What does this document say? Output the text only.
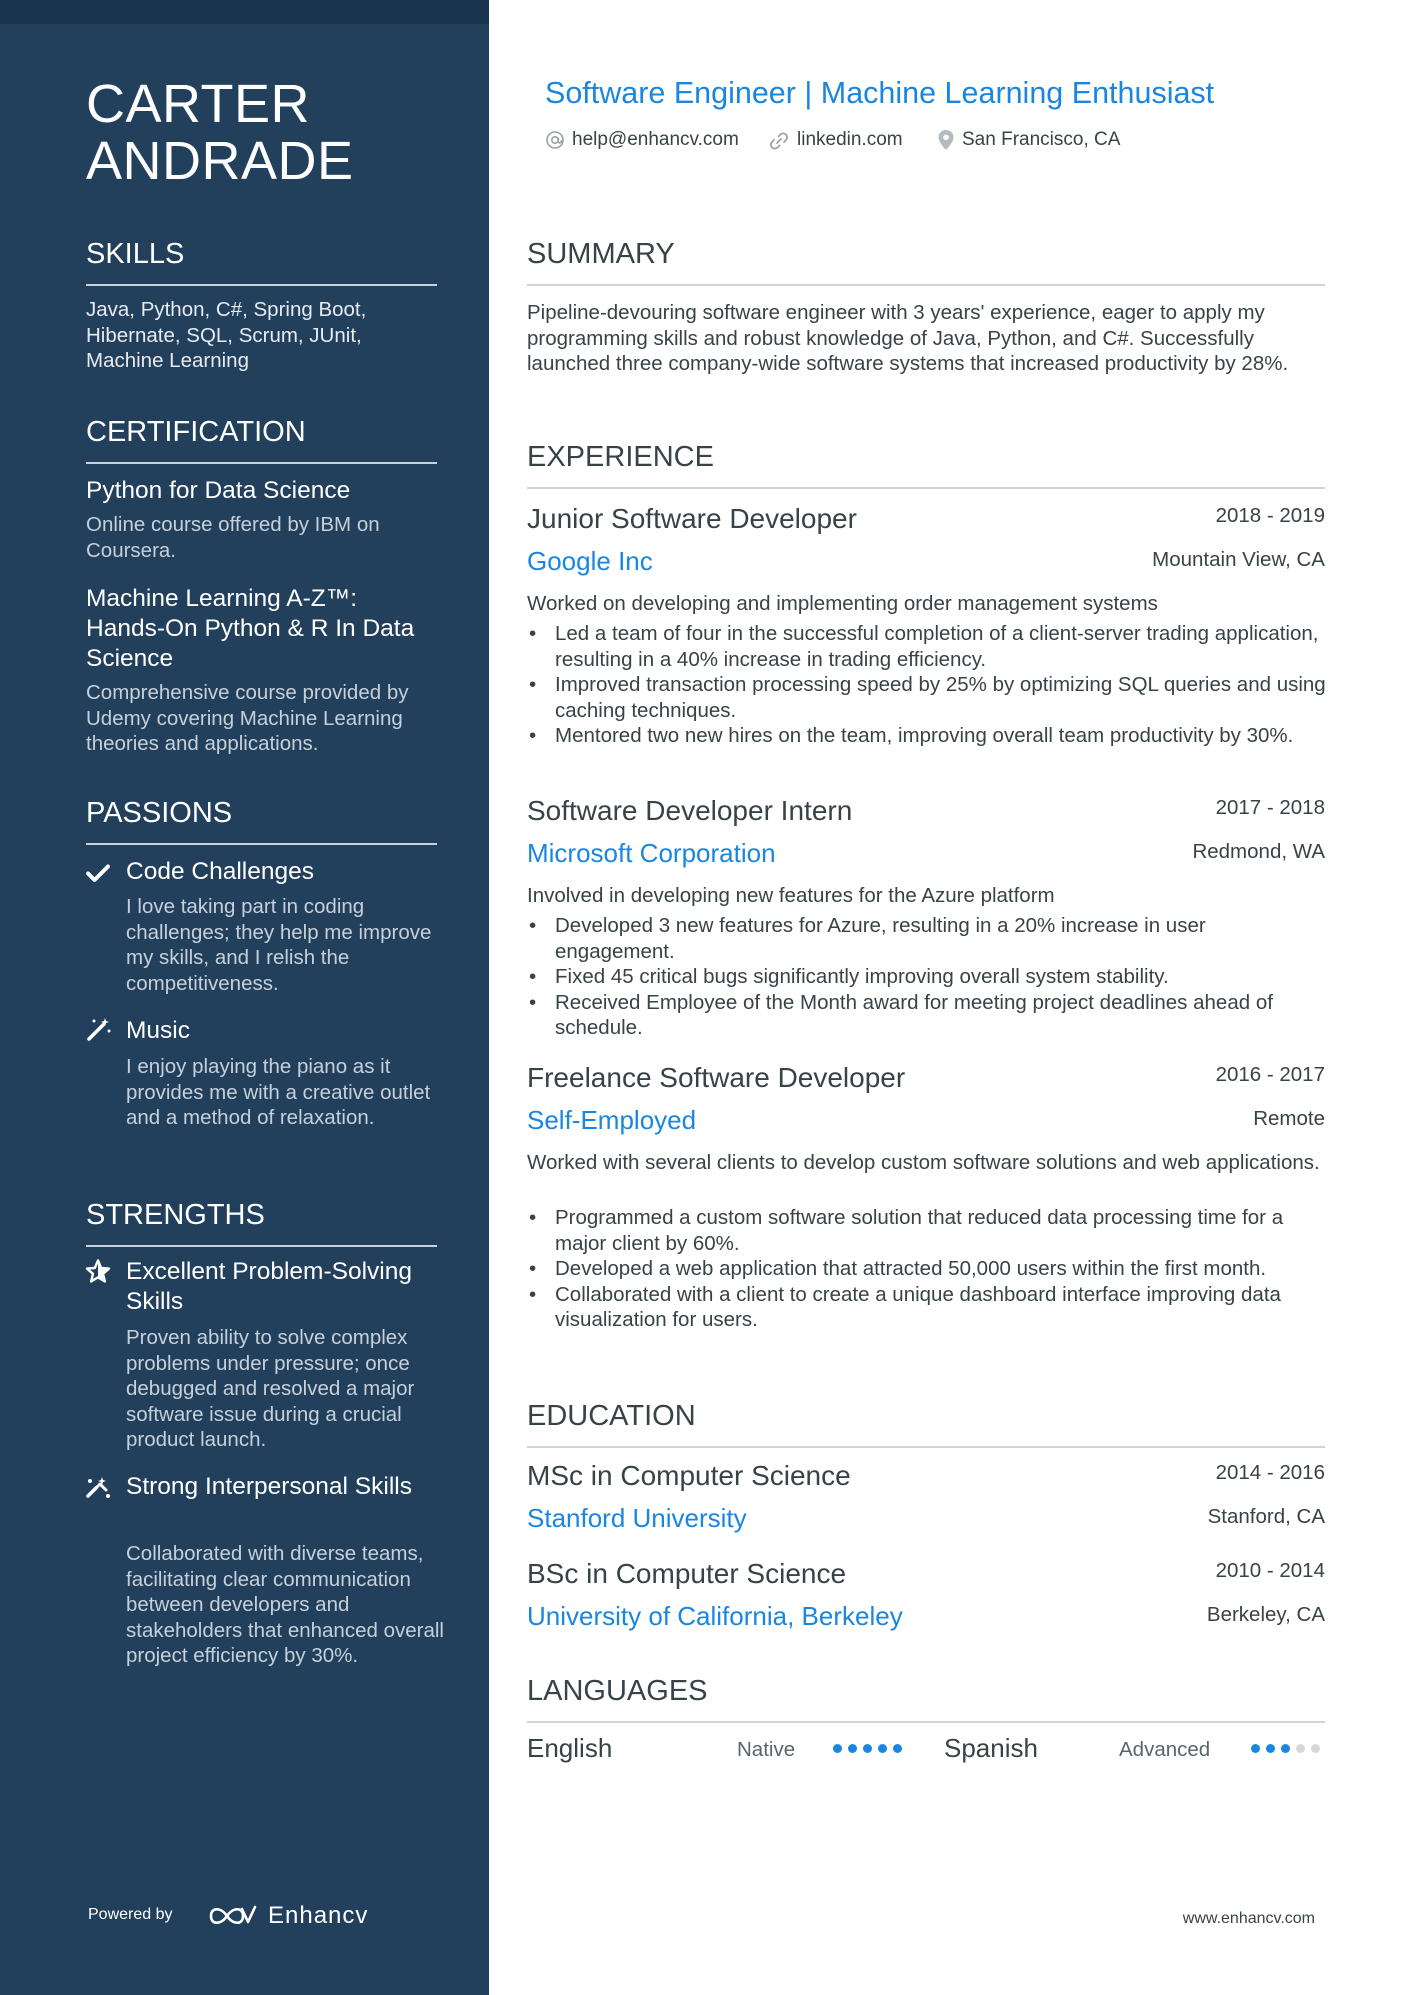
CARTER
ANDRADE
SKILLS
Java, Python, C#, Spring Boot, Hibernate, SQL, Scrum, JUnit, Machine Learning
CERTIFICATION
Python for Data Science
Online course offered by IBM on Coursera.
Machine Learning A-Z™: Hands-On Python & R In Data Science
Comprehensive course provided by Udemy covering Machine Learning theories and applications.
PASSIONS
Code Challenges
I love taking part in coding challenges; they help me improve my skills, and I relish the competitiveness.
Music
I enjoy playing the piano as it provides me with a creative outlet and a method of relaxation.
STRENGTHS
Excellent Problem-Solving Skills
Proven ability to solve complex problems under pressure; once debugged and resolved a major software issue during a crucial product launch.
Strong Interpersonal Skills
Collaborated with diverse teams, facilitating clear communication between developers and stakeholders that enhanced overall project efficiency by 30%.
Powered by	Enhancv
Software Engineer | Machine Learning Enthusiast
help@enhancv.com	linkedin.com	San Francisco, CA
SUMMARY
Pipeline-devouring software engineer with 3 years' experience, eager to apply my programming skills and robust knowledge of Java, Python, and C#. Successfully launched three company-wide software systems that increased productivity by 28%.
EXPERIENCE
Junior Software Developer	2018 - 2019
Google Inc	Mountain View, CA
Worked on developing and implementing order management systems
• Led a team of four in the successful completion of a client-server trading application, resulting in a 40% increase in trading efficiency.
• Improved transaction processing speed by 25% by optimizing SQL queries and using caching techniques.
• Mentored two new hires on the team, improving overall team productivity by 30%.
Software Developer Intern	2017 - 2018
Microsoft Corporation	Redmond, WA
Involved in developing new features for the Azure platform
• Developed 3 new features for Azure, resulting in a 20% increase in user engagement.
• Fixed 45 critical bugs significantly improving overall system stability.
• Received Employee of the Month award for meeting project deadlines ahead of schedule.
Freelance Software Developer	2016 - 2017
Self-Employed	Remote
Worked with several clients to develop custom software solutions and web applications.
• Programmed a custom software solution that reduced data processing time for a major client by 60%.
• Developed a web application that attracted 50,000 users within the first month.
• Collaborated with a client to create a unique dashboard interface improving data visualization for users.
EDUCATION
MSc in Computer Science	2014 - 2016
Stanford University	Stanford, CA
BSc in Computer Science	2010 - 2014
University of California, Berkeley	Berkeley, CA
LANGUAGES
English	Native	Spanish	Advanced
www.enhancv.com
